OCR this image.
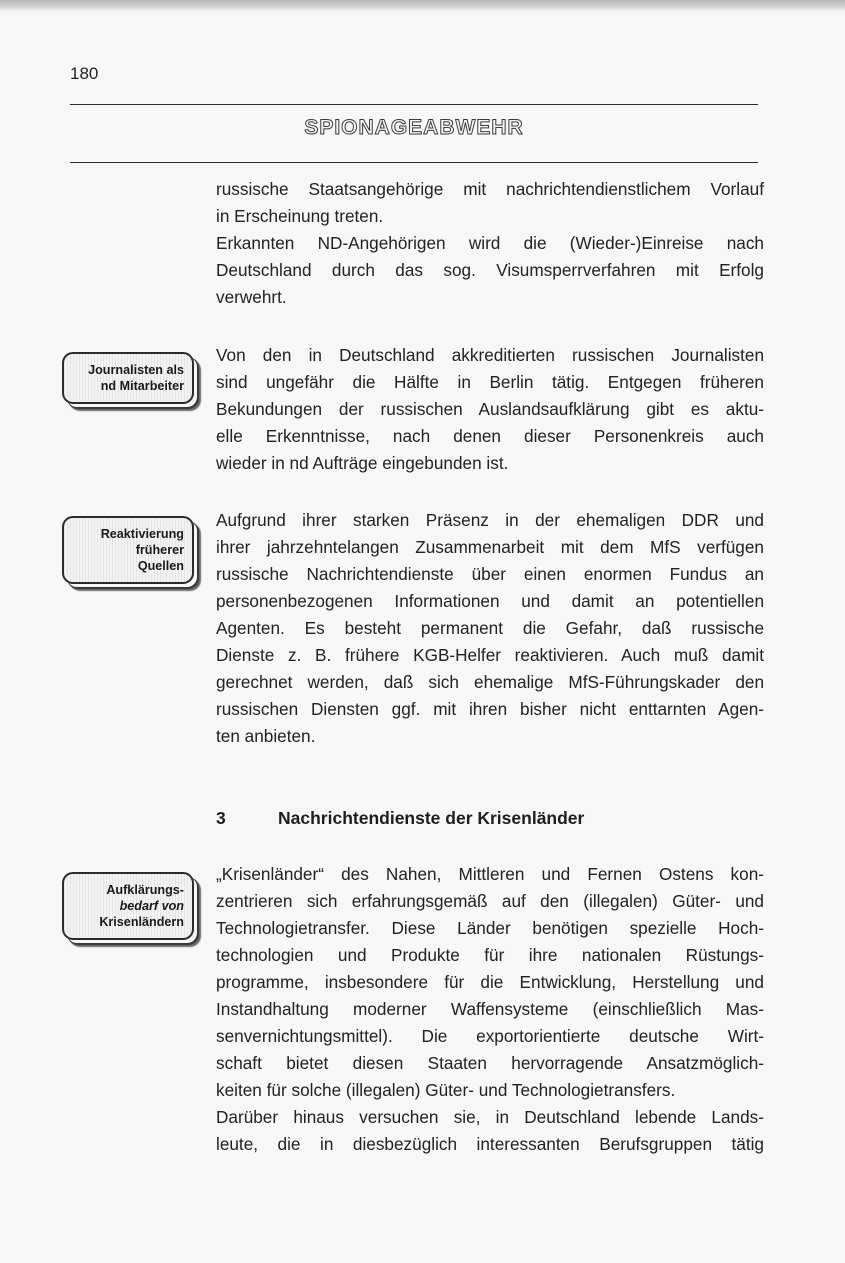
180
SPIONAGEABWEHR

russische Staatsangehörige mit nachrichtendienstlichem Vorlauf
in Erscheinung treten.
Erkannten ND-Angehörigen wird die (Wieder-)Einreise nach
Deutschland durch das sog. Visumsperrverfahren mit Erfolg
verwehrt.

Journalisten als
nd Mitarbeiter

Von den in Deutschland akkreditierten russischen Journalisten
sind ungefähr die Hälfte in Berlin tätig. Entgegen früheren
Bekundungen der russischen Auslandsaufklärung gibt es aktu-
elle Erkenntnisse, nach denen dieser Personenkreis auch
wieder in nd Aufträge eingebunden ist.

Reaktivierung
früherer
Quellen

Aufgrund ihrer starken Präsenz in der ehemaligen DDR und
ihrer jahrzehntelangen Zusammenarbeit mit dem MfS verfügen
russische Nachrichtendienste über einen enormen Fundus an
personenbezogenen Informationen und damit an potentiellen
Agenten. Es besteht permanent die Gefahr, daß russische
Dienste z. B. frühere KGB-Helfer reaktivieren. Auch muß damit
gerechnet werden, daß sich ehemalige MfS-Führungskader den
russischen Diensten ggf. mit ihren bisher nicht enttarnten Agen-
ten anbieten.

3	Nachrichtendienste der Krisenländer
Aufklärungs-
bedarf von
Krisenländern

„Krisenländer“ des Nahen, Mittleren und Fernen Ostens kon-
zentrieren sich erfahrungsgemäß auf den (illegalen) Güter- und
Technologietransfer. Diese Länder benötigen spezielle Hoch-
technologien und Produkte für ihre nationalen Rüstungs-
programme, insbesondere für die Entwicklung, Herstellung und
Instandhaltung moderner Waffensysteme (einschließlich Mas-
senvernichtungsmittel). Die exportorientierte deutsche Wirt-
schaft bietet diesen Staaten hervorragende Ansatzmöglich-
keiten für solche (illegalen) Güter- und Technologietransfers.
Darüber hinaus versuchen sie, in Deutschland lebende Lands-
leute, die in diesbezüglich interessanten Berufsgruppen tätig
